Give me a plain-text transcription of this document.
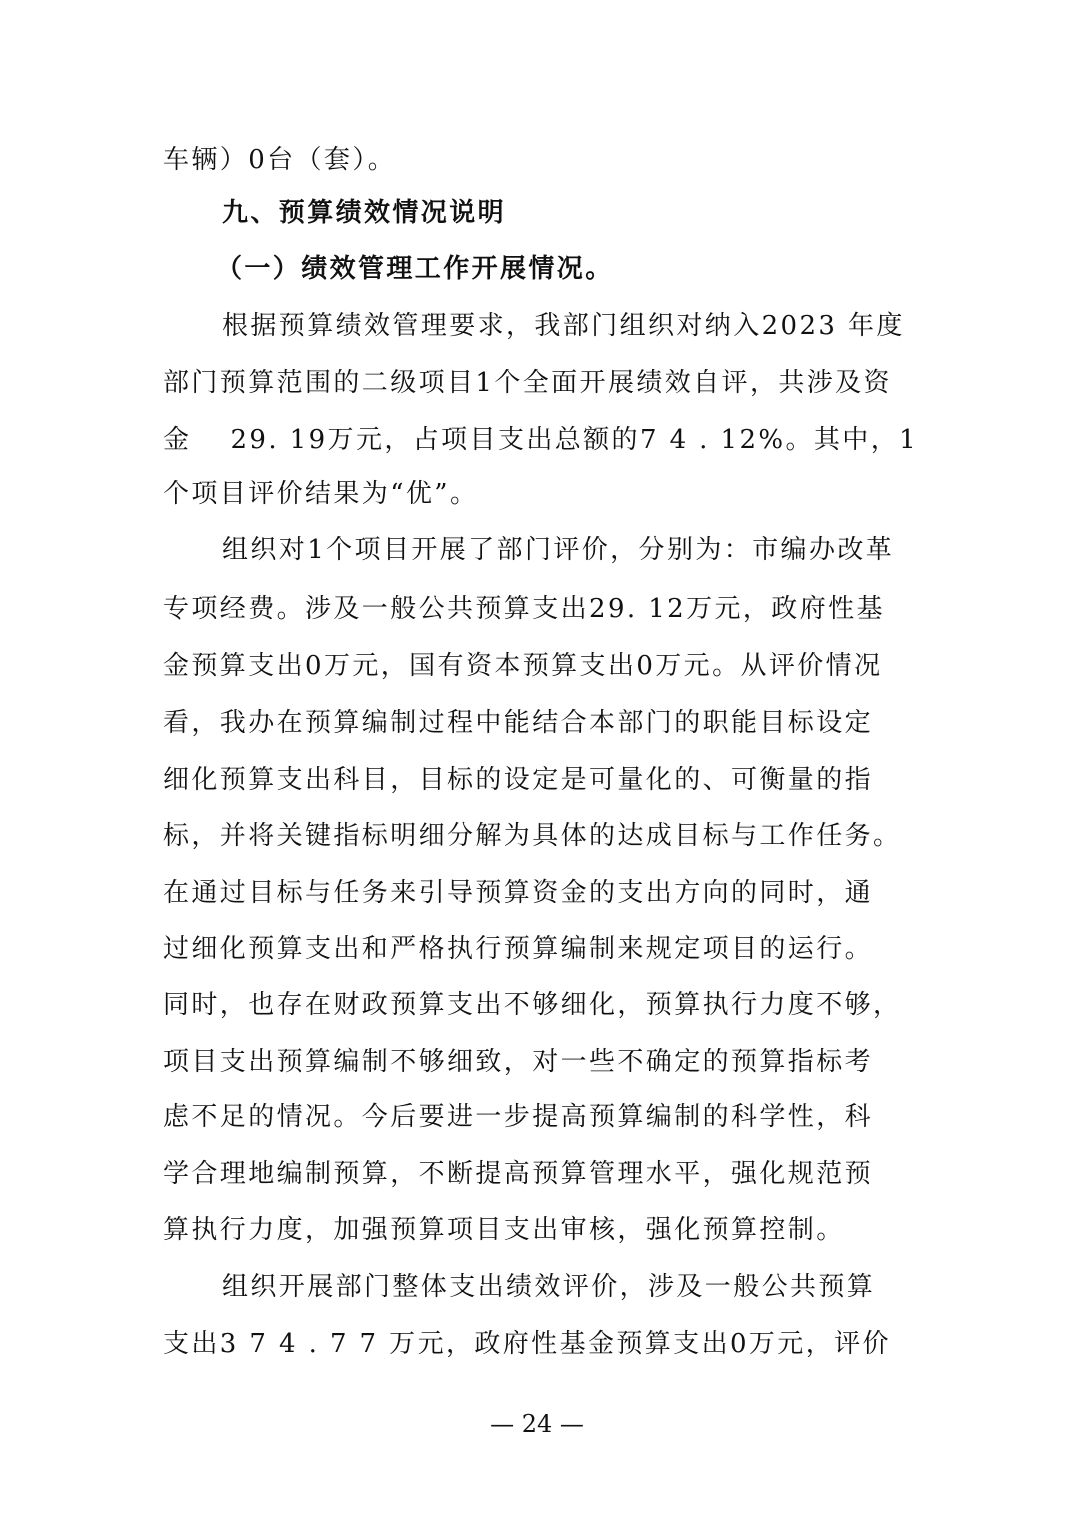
车辆）0台（套）。
九、预算绩效情况说明
（一）绩效管理工作开展情况。
根据预算绩效管理要求，我部门组织对纳入2023 年度
部门预算范围的二级项目1个全面开展绩效自评，共涉及资
金　 29. 19万元，占项目支出总额的7 4 . 12%。其中，1
个项目评价结果为“优”。
组织对1个项目开展了部门评价，分别为：市编办改革
专项经费。涉及一般公共预算支出29. 12万元，政府性基
金预算支出0万元，国有资本预算支出0万元。从评价情况
看，我办在预算编制过程中能结合本部门的职能目标设定
细化预算支出科目，目标的设定是可量化的、可衡量的指
标，并将关键指标明细分解为具体的达成目标与工作任务。
在通过目标与任务来引导预算资金的支出方向的同时，通
过细化预算支出和严格执行预算编制来规定项目的运行。
同时，也存在财政预算支出不够细化，预算执行力度不够，
项目支出预算编制不够细致，对一些不确定的预算指标考
虑不足的情况。今后要进一步提高预算编制的科学性，科
学合理地编制预算，不断提高预算管理水平，强化规范预
算执行力度，加强预算项目支出审核，强化预算控制。
组织开展部门整体支出绩效评价，涉及一般公共预算
支出3 7 4 . 7 7 万元，政府性基金预算支出0万元，评价
— 24 —
